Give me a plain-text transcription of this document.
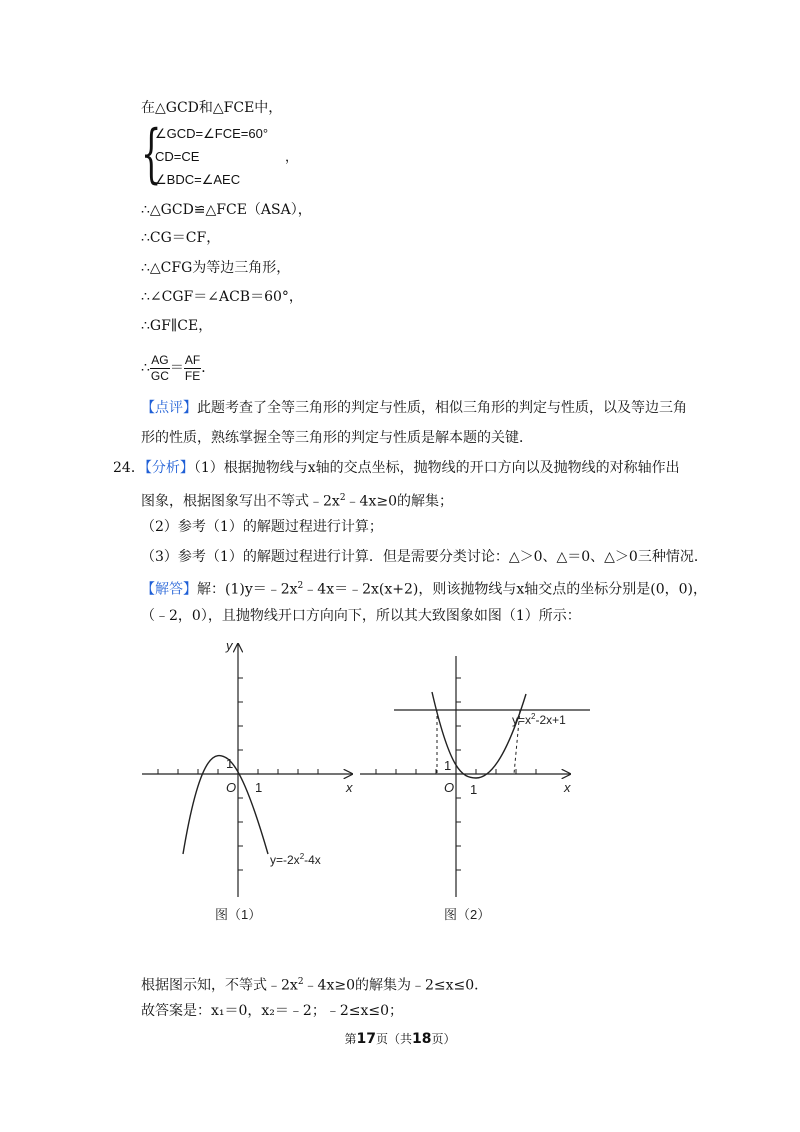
在△GCD和△FCE中，
{
∠GCD=∠FCE=60°
CD=CE
∠BDC=∠AEC
，
∴△GCD≌△FCE（ASA），
∴CG＝CF，
∴△CFG为等边三角形，
∴∠CGF＝∠ACB＝60°，
∴GF∥CE，
∴ $\frac{AG}{GC} = \frac{AF}{FE}$ ．
【点评】此题考查了全等三角形的判定与性质，相似三角形的判定与性质，以及等边三角
形的性质，熟练掌握全等三角形的判定与性质是解本题的关键．
24．【分析】（1）根据抛物线与x轴的交点坐标，抛物线的开口方向以及抛物线的对称轴作出
图象，根据图象写出不等式$﹣2x^2﹣4x\ge 0$的解集；
（2）参考（1）的解题过程进行计算；
（3）参考（1）的解题过程进行计算．但是需要分类讨论：△＞0、△＝0、△＞0三种情况．
【解答】解：$(1)y=﹣2x^2﹣4x=﹣2x(x+2)$，则该抛物线与x轴交点的坐标分别是(0，0)，
（﹣2，0），且抛物线开口方向向下，所以其大致图象如图（1）所示：
y
x
O 1
1
$y=-2x^2-4x$
图（1）
x
O 1
1
$y=x^2-2x+1$
图（2）
根据图示知，不等式$﹣2x^2﹣4x\ge 0$的解集为﹣2≤x≤0．
故答案是：x₁＝0，x₂＝﹣2；﹣2≤x≤0；
第17页（共18页）
